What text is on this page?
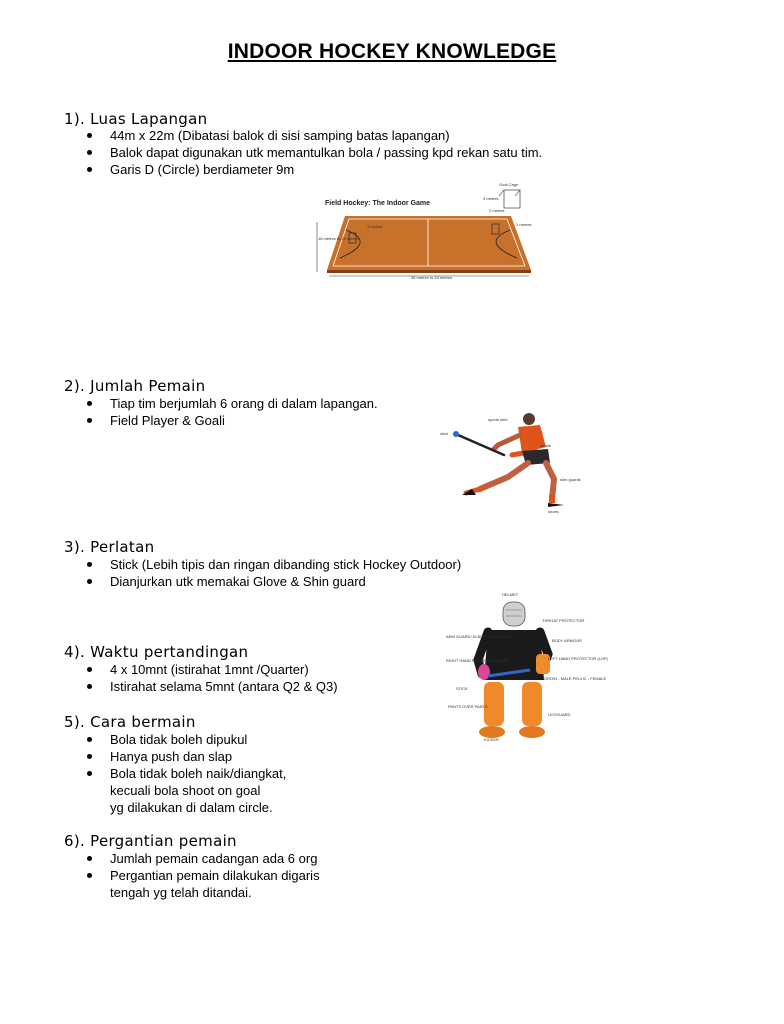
INDOOR HOCKEY KNOWLEDGE
1). Luas Lapangan
44m x 22m (Dibatasi balok di sisi samping batas lapangan)
Balok dapat digunakan utk memantulkan bola / passing kpd rekan satu tim.
Garis D (Circle) berdiameter 9m
Field Hockey: The Indoor Game
18 metres to 22 metres
36 metres to 44 metres
3 metres
Goal Cage
3 metres
2 metres
1 metres
2). Jumlah Pemain
Tiap tim berjumlah 6 orang di dalam lapangan.
Field Player & Goali	sports shirt
stick
shorts
shin guards
shoes
3). Perlatan
Stick (Lebih tipis dan ringan dibanding stick Hockey Outdoor)
Dianjurkan utk memakai Glove & Shin guard
HELMET
THROAT PROTECTOR
ARM GUARD/ ELBOW PROTECTOR
BODY ARMOUR
RIGHT HAND PROTECTOR (RHP)	LEFT HAND PROTECTOR (LHP)
GROIN - MALE PELVIC - FEMALE
STICK
PANTS OVER PANTS
LEGGUARD
KICKER
4). Waktu pertandingan
4 x 10mnt (istirahat 1mnt /Quarter)
Istirahat selama 5mnt (antara Q2 & Q3)
5). Cara bermain
Bola tidak boleh dipukul
Hanya push dan slap
Bola tidak boleh naik/diangkat,
kecuali bola shoot on goal
yg dilakukan di dalam circle.
6). Pergantian pemain
Jumlah pemain cadangan ada 6 org
Pergantian pemain dilakukan digaris
tengah yg telah ditandai.
